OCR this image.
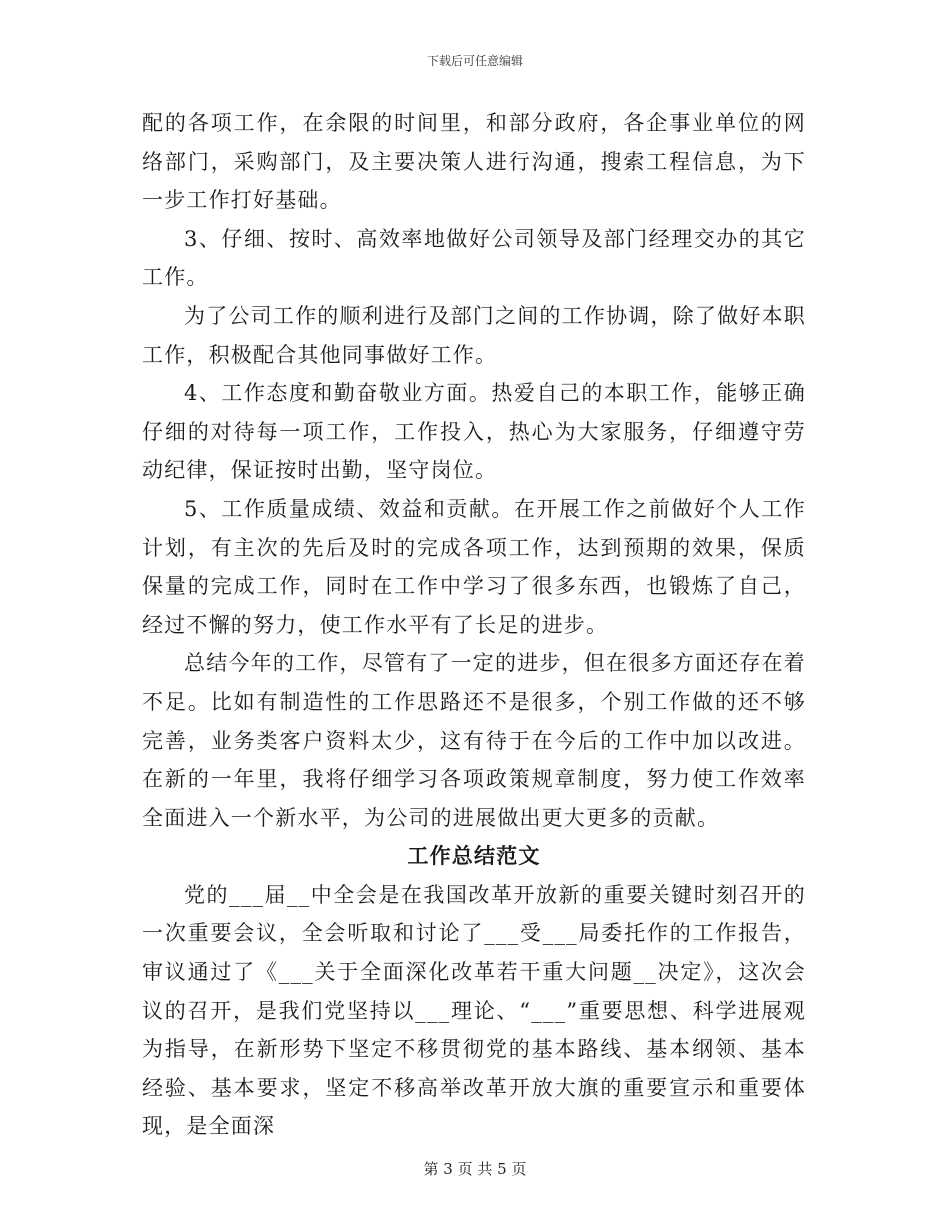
下载后可任意编辑

配的各项工作，在余限的时间里，和部分政府，各企事业单位的网络部门，采购部门，及主要决策人进行沟通，搜索工程信息，为下一步工作打好基础。

3、仔细、按时、高效率地做好公司领导及部门经理交办的其它工作。

为了公司工作的顺利进行及部门之间的工作协调，除了做好本职工作，积极配合其他同事做好工作。

4、工作态度和勤奋敬业方面。热爱自己的本职工作，能够正确仔细的对待每一项工作，工作投入，热心为大家服务，仔细遵守劳动纪律，保证按时出勤，坚守岗位。

5、工作质量成绩、效益和贡献。在开展工作之前做好个人工作计划，有主次的先后及时的完成各项工作，达到预期的效果，保质保量的完成工作，同时在工作中学习了很多东西，也锻炼了自己，经过不懈的努力，使工作水平有了长足的进步。

总结今年的工作，尽管有了一定的进步，但在很多方面还存在着不足。比如有制造性的工作思路还不是很多，个别工作做的还不够完善，业务类客户资料太少，这有待于在今后的工作中加以改进。在新的一年里，我将仔细学习各项政策规章制度，努力使工作效率全面进入一个新水平，为公司的进展做出更大更多的贡献。

工作总结范文

党的___届__中全会是在我国改革开放新的重要关键时刻召开的一次重要会议，全会听取和讨论了___受___局委托作的工作报告，审议通过了《___关于全面深化改革若干重大问题__决定》，这次会议的召开，是我们党坚持以___理论、“___”重要思想、科学进展观为指导，在新形势下坚定不移贯彻党的基本路线、基本纲领、基本经验、基本要求，坚定不移高举改革开放大旗的重要宣示和重要体现，是全面深

第 3 页 共 5 页
